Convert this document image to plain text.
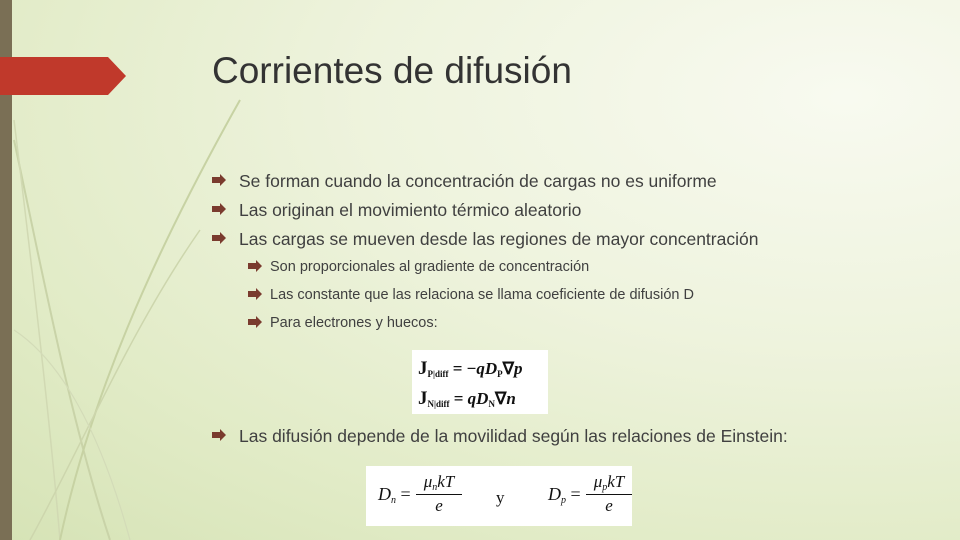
Corrientes de difusión
Se forman cuando la concentración de cargas no es uniforme
Las originan el movimiento térmico aleatorio
Las cargas se mueven desde las regiones de mayor concentración
Son proporcionales al gradiente de concentración
Las constante que las relaciona se llama coeficiente de difusión D
Para electrones y huecos:
$J_{P|diff} = -qD_P\nabla p$
$J_{N|diff} = qD_N\nabla n$
Las difusión depende de la movilidad según las relaciones de Einstein:
Dn =
μnkT
e	y Dp =
μpkT
e
